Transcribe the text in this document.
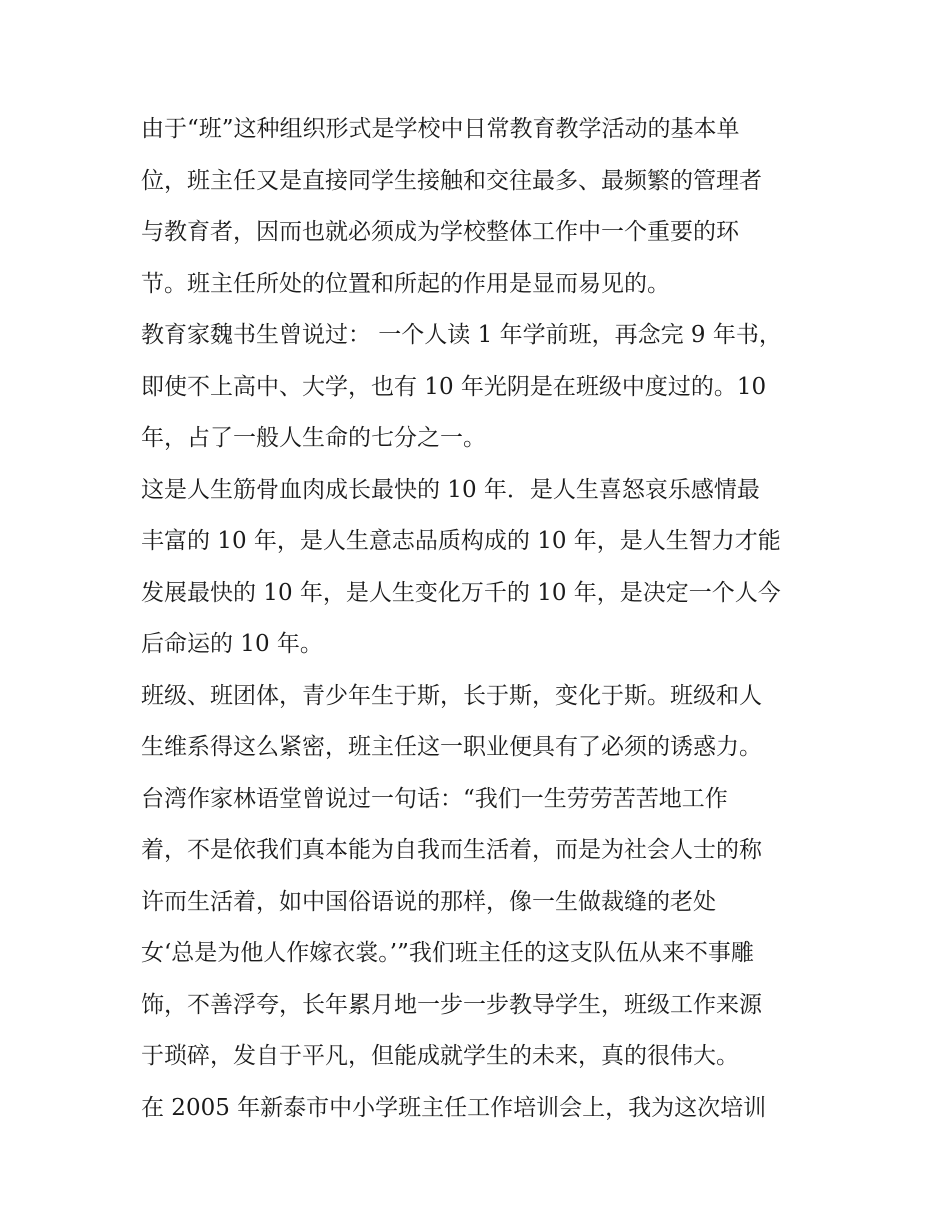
由于“班”这种组织形式是学校中日常教育教学活动的基本单
位，班主任又是直接同学生接触和交往最多、最频繁的管理者
与教育者，因而也就必须成为学校整体工作中一个重要的环
节。班主任所处的位置和所起的作用是显而易见的。
教育家魏书生曾说过： 一个人读 1 年学前班，再念完 9 年书，
即使不上高中、大学，也有 10 年光阴是在班级中度过的。10
年，占了一般人生命的七分之一。
这是人生筋骨血肉成长最快的 10 年．是人生喜怒哀乐感情最
丰富的 10 年，是人生意志品质构成的 10 年，是人生智力才能
发展最快的 10 年，是人生变化万千的 10 年，是决定一个人今
后命运的 10 年。
班级、班团体，青少年生于斯，长于斯，变化于斯。班级和人
生维系得这么紧密，班主任这一职业便具有了必须的诱惑力。
台湾作家林语堂曾说过一句话：“我们一生劳劳苦苦地工作
着，不是依我们真本能为自我而生活着，而是为社会人士的称
许而生活着，如中国俗语说的那样，像一生做裁缝的老处
女‘总是为他人作嫁衣裳。’”我们班主任的这支队伍从来不事雕
饰，不善浮夸，长年累月地一步一步教导学生，班级工作来源
于琐碎，发自于平凡，但能成就学生的未来，真的很伟大。
在 2005 年新泰市中小学班主任工作培训会上，我为这次培训
